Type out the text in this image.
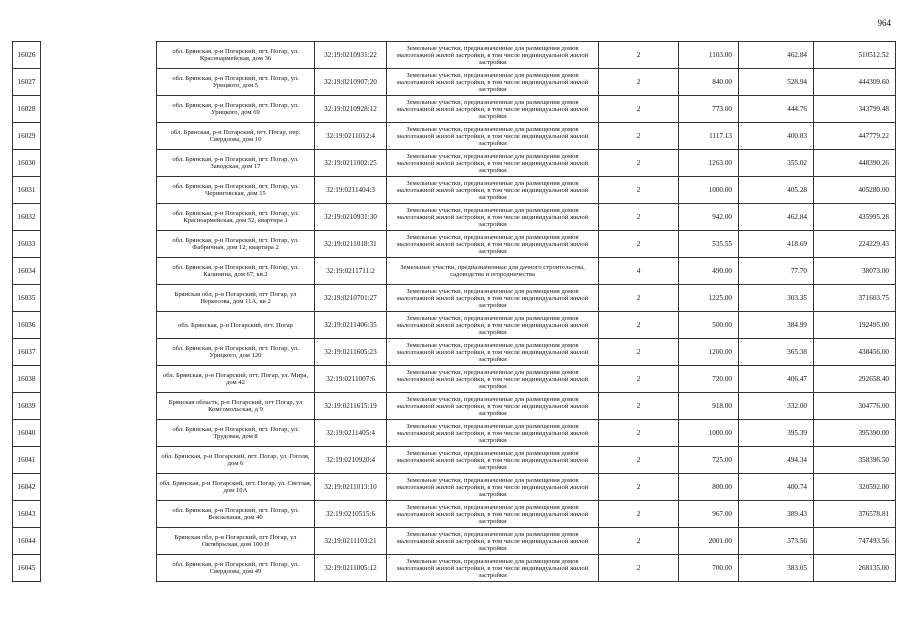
964
16026		обл. Брянская, р-н Погарский, пгт. Погар, ул. Красноармейская, дом 36	32:19:0210931:22	Земельные участки, предназначенные для размещения домов малоэтажной жилой застройки, в том числе индивидуальной жилой застройки	2	1103.00	462.84	510512.52
16027		обл. Брянская, р-н Погарский, пгт. Погар, ул. Урицкого, дом 5	32:19:0210907:20	Земельные участки, предназначенные для размещения домов малоэтажной жилой застройки, в том числе индивидуальной жилой застройки	2	840.00	528.94	444309.60
16028		обл. Брянская, р-н Погарский, пгт. Погар, ул. Урицкого, дом 69	32:19:0210928:12	Земельные участки, предназначенные для размещения домов малоэтажной жилой застройки, в том числе индивидуальной жилой застройки	2	773.00	444.76	343799.48
16029		обл. Брянская, р-н Погарский, пгт. Погар, пер. Свердлова, дом 10	32:19:0211012:4	Земельные участки, предназначенные для размещения домов малоэтажной жилой застройки, в том числе индивидуальной жилой застройки	2	1117.13	400.83	447779.22
16030		обл. Брянская, р-н Погарский, пгт. Погар, ул. Заводская, дом 17	32:19:0211002:25	Земельные участки, предназначенные для размещения домов малоэтажной жилой застройки, в том числе индивидуальной жилой застройки	2	1263.00	355.02	448390.26
16031		обл. Брянская, р-н Погарский, пгт. Погар, ул. Черниговская, дом 15	32:19:0211404:3	Земельные участки, предназначенные для размещения домов малоэтажной жилой застройки, в том числе индивидуальной жилой застройки	2	1000.00	405.28	405280.00
16032		обл. Брянская, р-н Погарский, пгт. Погар, ул. Красноармейская, дом 52, квартира 1	32:19:0210931:30	Земельные участки, предназначенные для размещения домов малоэтажной жилой застройки, в том числе индивидуальной жилой застройки	2	942.00	462.84	435995.28
16033		обл. Брянская, р-н Погарский, пгт. Погар, ул. Фабричная, дом 12, квартира 2	32:19:0211018:31	Земельные участки, предназначенные для размещения домов малоэтажной жилой застройки, в том числе индивидуальной жилой застройки	2	535.55	418.69	224229.43
16034		обл. Брянская, р-н Погарский, пгт. Погар, ул. Калинина, дом 67, кв.2	32:19:0211711:2	Земельные участки, предназначенные для дачного строительства, садоводства и огородничества	4	490.00	77.70	38073.00
16035		Брянская обл, р-н Погарский, пгт Погар, ул Неркесова, дом 11А, кв 2	32:19:0210701:27	Земельные участки, предназначенные для размещения домов малоэтажной жилой застройки, в том числе индивидуальной жилой застройки	2	1225.00	303.35	371603.75
16036		обл. Брянская, р-н Погарский, пгт. Погар	32:19:0211406:35	Земельные участки, предназначенные для размещения домов малоэтажной жилой застройки, в том числе индивидуальной жилой застройки	2	500.00	384.99	192495.00
16037		обл. Брянская, р-н Погарский, пгт. Погар, ул. Урицкого, дом 120	32:19:0211605:23	Земельные участки, предназначенные для размещения домов малоэтажной жилой застройки, в том числе индивидуальной жилой застройки	2	1200.00	365.38	438456.00
16038		обл. Брянская, р-н Погарский, пгт. Погар, ул. Мира, дом 42	32:19:0211007:6	Земельные участки, предназначенные для размещения домов малоэтажной жилой застройки, в том числе индивидуальной жилой застройки	2	720.00	406.47	292658.40
16039		Брянская область, р-н Погарский, пгт Погар, ул Комсомольская, д 9	32:19:0211615:19	Земельные участки, предназначенные для размещения домов малоэтажной жилой застройки, в том числе индивидуальной жилой застройки	2	918.00	332.00	304776.00
16040		обл. Брянская, р-н Погарский, пгт. Погар, ул. Трудовая, дом 8	32:19:0211405:4	Земельные участки, предназначенные для размещения домов малоэтажной жилой застройки, в том числе индивидуальной жилой застройки	2	1000.00	395.39	395390.00
16041		обл. Брянская, р-н Погарский, пгт. Погар, ул. Гоголя, дом 6	32:19:0210920:4	Земельные участки, предназначенные для размещения домов малоэтажной жилой застройки, в том числе индивидуальной жилой застройки	2	725.00	494.34	358396.50
16042		обл. Брянская, р-н Погарский, пгт. Погар, ул. Светлая, дом 10А	32:19:0211013:10	Земельные участки, предназначенные для размещения домов малоэтажной жилой застройки, в том числе индивидуальной жилой застройки	2	800.00	400.74	320592.00
16043		обл. Брянская, р-н Погарский, пгт. Погар, ул. Вокзальная, дом 40	32:19:0210515:6	Земельные участки, предназначенные для размещения домов малоэтажной жилой застройки, в том числе индивидуальной жилой застройки	2	967.00	389.43	376578.81
16044		Брянская обл, р-н Погарский, пгт Погар, ул Октябрьская, дом 100 Н	32:19:0211103:21	Земельные участки, предназначенные для размещения домов малоэтажной жилой застройки, в том числе индивидуальной жилой застройки	2	2001.00	373.56	747493.56
16045		обл. Брянская, р-н Погарский, пгт. Погар, ул. Свердлова, дом 49	32:19:0211005:12	Земельные участки, предназначенные для размещения домов малоэтажной жилой застройки, в том числе индивидуальной жилой застройки	2	700.00	383.05	268135.00
